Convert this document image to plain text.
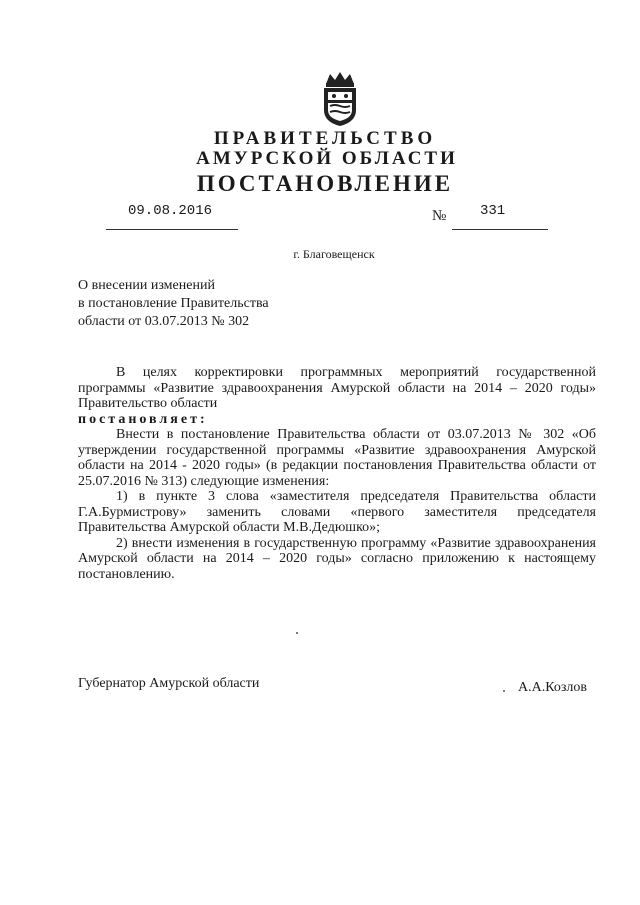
ПРАВИТЕЛЬСТВО
АМУРСКОЙ ОБЛАСТИ
ПОСТАНОВЛЕНИЕ
09.08.2016	№ 331
г. Благовещенск
О внесении изменений
в постановление Правительства
области от 03.07.2013 № 302

В целях корректировки программных мероприятий государственной программы «Развитие здравоохранения Амурской области на 2014 – 2020 годы» Правительство области

постановляет:

Внести в постановление Правительства области от 03.07.2013 № 302 «Об утверждении государственной программы «Развитие здравоохранения Амурской области на 2014 - 2020 годы» (в редакции постановления Правительства области от 25.07.2016 № 313) следующие изменения:

1) в пункте 3 слова «заместителя председателя Правительства области Г.А.Бурмистрову» заменить словами «первого заместителя председателя Правительства Амурской области М.В.Дедюшко»;

2) внести изменения в государственную программу «Развитие здравоохранения Амурской области на 2014 – 2020 годы» согласно приложению к настоящему постановлению.

Губернатор Амурской области	А.А.Козлов
